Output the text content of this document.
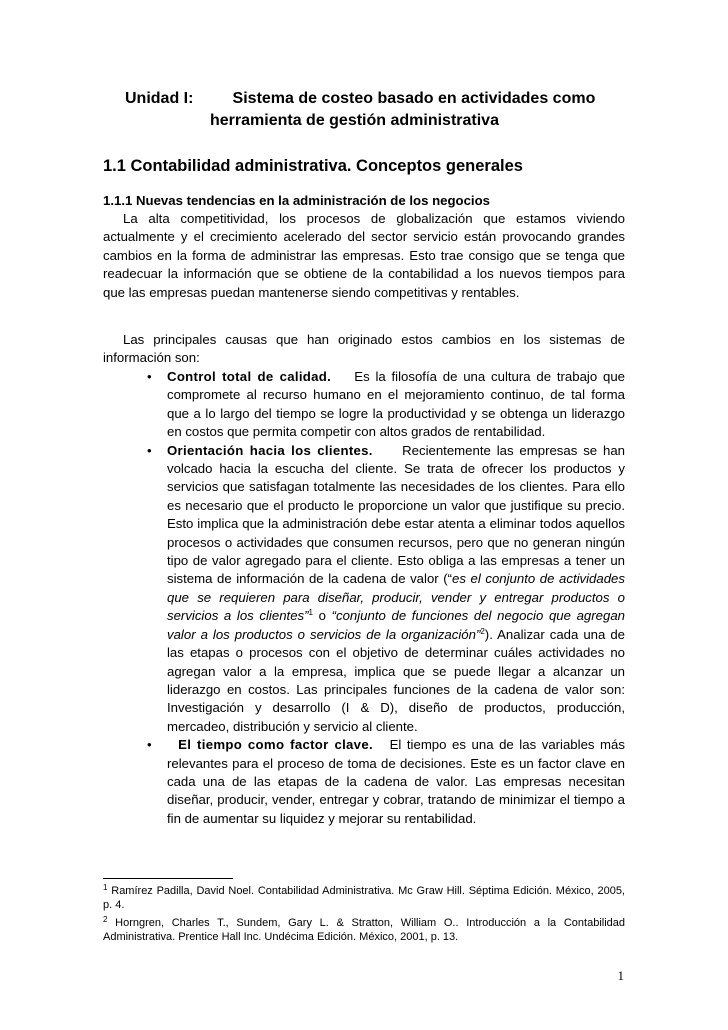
Unidad I:	Sistema de costeo basado en actividades como
herramienta de gestión administrativa
1.1 Contabilidad administrativa. Conceptos generales
1.1.1 Nuevas tendencias en la administración de los negocios
La alta competitividad, los procesos de globalización que estamos viviendo actualmente y el crecimiento acelerado del sector servicio están provocando grandes cambios en la forma de administrar las empresas. Esto trae consigo que se tenga que readecuar la información que se obtiene de la contabilidad a los nuevos tiempos para que las empresas puedan mantenerse siendo competitivas y rentables.
Las principales causas que han originado estos cambios en los sistemas de información son:
• Control total de calidad. Es la filosofía de una cultura de trabajo que compromete al recurso humano en el mejoramiento continuo, de tal forma que a lo largo del tiempo se logre la productividad y se obtenga un liderazgo en costos que permita competir con altos grados de rentabilidad.
• Orientación hacia los clientes. Recientemente las empresas se han volcado hacia la escucha del cliente. Se trata de ofrecer los productos y servicios que satisfagan totalmente las necesidades de los clientes. Para ello es necesario que el producto le proporcione un valor que justifique su precio. Esto implica que la administración debe estar atenta a eliminar todos aquellos procesos o actividades que consumen recursos, pero que no generan ningún tipo de valor agregado para el cliente. Esto obliga a las empresas a tener un sistema de información de la cadena de valor (“es el conjunto de actividades que se requieren para diseñar, producir, vender y entregar productos o servicios a los clientes”$^1$ o “conjunto de funciones del negocio que agregan valor a los productos o servicios de la organización”$^2$). Analizar cada una de las etapas o procesos con el objetivo de determinar cuáles actividades no agregan valor a la empresa, implica que se puede llegar a alcanzar un liderazgo en costos. Las principales funciones de la cadena de valor son: Investigación y desarrollo (I & D), diseño de productos, producción, mercadeo, distribución y servicio al cliente.
• El tiempo como factor clave. El tiempo es una de las variables más relevantes para el proceso de toma de decisiones. Este es un factor clave en cada una de las etapas de la cadena de valor. Las empresas necesitan diseñar, producir, vender, entregar y cobrar, tratando de minimizar el tiempo a fin de aumentar su liquidez y mejorar su rentabilidad.

$^1$ Ramírez Padilla, David Noel. Contabilidad Administrativa. Mc Graw Hill. Séptima Edición. México, 2005, p. 4.

$^2$ Horngren, Charles T., Sundem, Gary L. & Stratton, William O.. Introducción a la Contabilidad Administrativa. Prentice Hall Inc. Undécima Edición. México, 2001, p. 13.

1
